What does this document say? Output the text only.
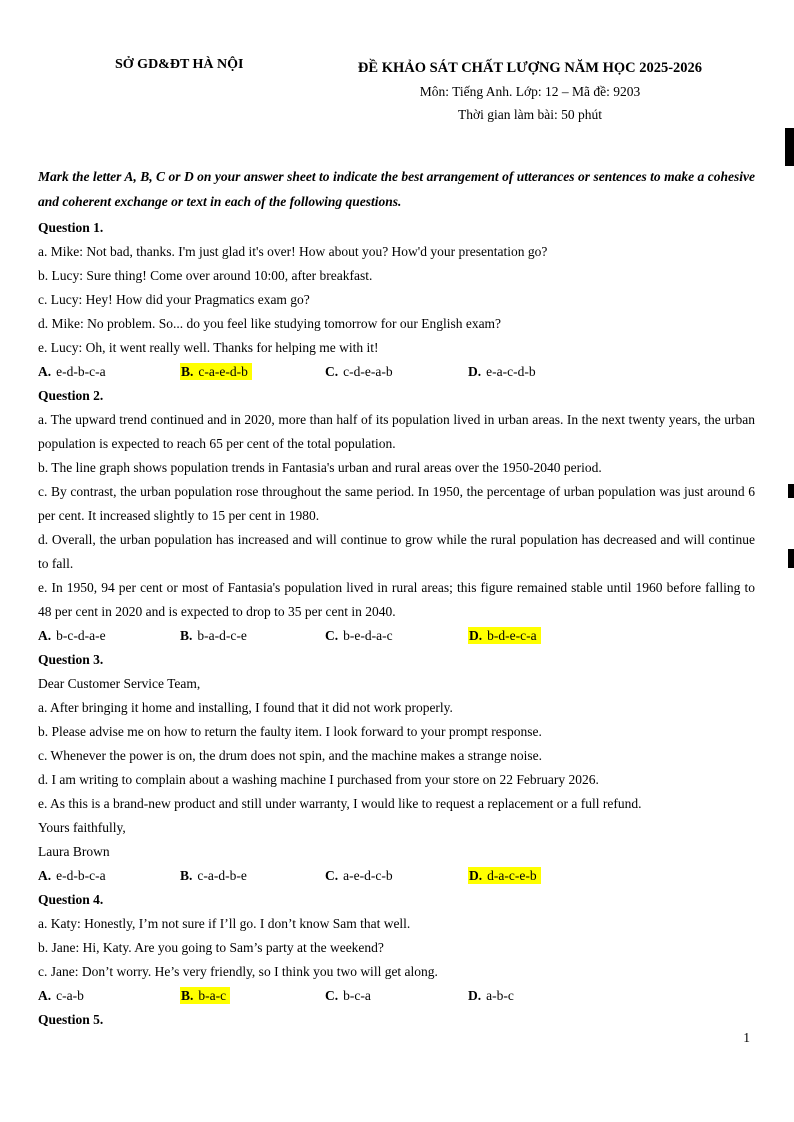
SỞ GD&ĐT HÀ NỘI	ĐỀ KHẢO SÁT CHẤT LƯỢNG NĂM HỌC 2025-2026
Môn: Tiếng Anh. Lớp: 12 – Mã đề: 9203
Thời gian làm bài: 50 phút

Mark the letter A, B, C or D on your answer sheet to indicate the best arrangement of utterances or sentences to make a cohesive and coherent exchange or text in each of the following questions.

Question 1.

a. Mike: Not bad, thanks. I'm just glad it's over! How about you? How'd your presentation go?

b. Lucy: Sure thing! Come over around 10:00, after breakfast.

c. Lucy: Hey! How did your Pragmatics exam go?

d. Mike: No problem. So... do you feel like studying tomorrow for our English exam?

e. Lucy: Oh, it went really well. Thanks for helping me with it!

A. e-d-b-c-a	B. c-a-e-d-b	C. c-d-e-a-b	D. e-a-c-d-b
Question 2.

a. The upward trend continued and in 2020, more than half of its population lived in urban areas. In the next twenty years, the urban population is expected to reach 65 per cent of the total population.

b. The line graph shows population trends in Fantasia's urban and rural areas over the 1950-2040 period.

c. By contrast, the urban population rose throughout the same period. In 1950, the percentage of urban population was just around 6 per cent. It increased slightly to 15 per cent in 1980.

d. Overall, the urban population has increased and will continue to grow while the rural population has decreased and will continue to fall.

e. In 1950, 94 per cent or most of Fantasia's population lived in rural areas; this figure remained stable until 1960 before falling to 48 per cent in 2020 and is expected to drop to 35 per cent in 2040.

A. b-c-d-a-e	B. b-a-d-c-e	C. b-e-d-a-c	D. b-d-e-c-a
Question 3.

Dear Customer Service Team,

a. After bringing it home and installing, I found that it did not work properly.

b. Please advise me on how to return the faulty item. I look forward to your prompt response.

c. Whenever the power is on, the drum does not spin, and the machine makes a strange noise.

d. I am writing to complain about a washing machine I purchased from your store on 22 February 2026.

e. As this is a brand-new product and still under warranty, I would like to request a replacement or a full refund.

Yours faithfully,

Laura Brown

A. e-d-b-c-a	B. c-a-d-b-e	C. a-e-d-c-b	D. d-a-c-e-b
Question 4.

a. Katy: Honestly, I’m not sure if I’ll go. I don’t know Sam that well.

b. Jane: Hi, Katy. Are you going to Sam’s party at the weekend?

c. Jane: Don’t worry. He’s very friendly, so I think you two will get along.

A. c-a-b	B. b-a-c	C. b-c-a	D. a-b-c
Question 5.
1
